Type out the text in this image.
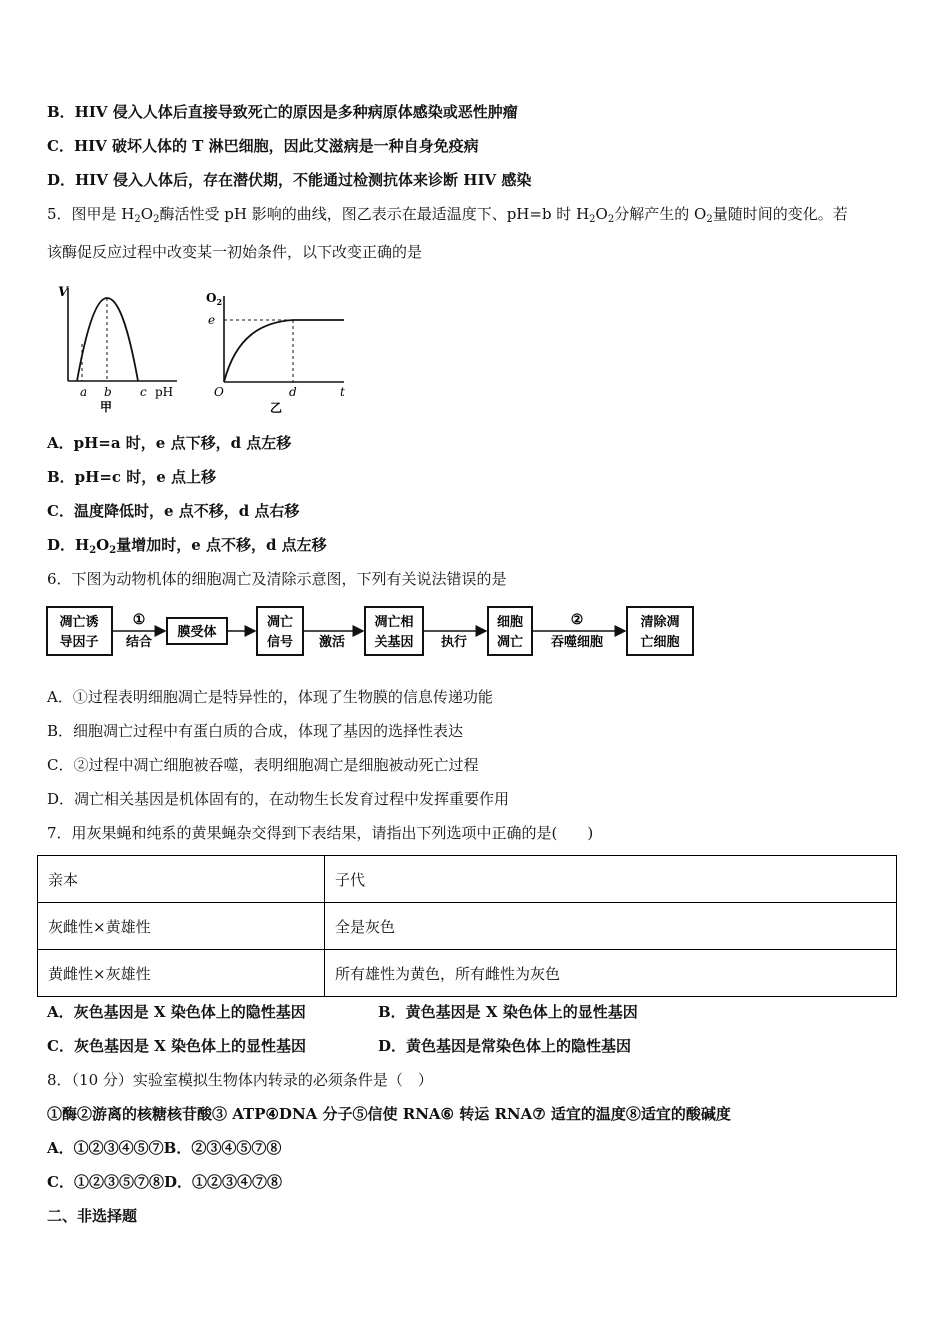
B．HIV 侵入人体后直接导致死亡的原因是多种病原体感染或恶性肿瘤
C．HIV 破坏人体的 T 淋巴细胞，因此艾滋病是一种自身免疫病
D．HIV 侵入人体后，存在潜伏期，不能通过检测抗体来诊断 HIV 感染
5．图甲是 $H_2O_2$酶活性受 pH 影响的曲线，图乙表示在最适温度下、pH=b 时 $H_2O_2$分解产生的 $O_2$量随时间的变化。若
该酶促反应过程中改变某一初始条件，以下改变正确的是
V
a b c pH
甲
$O_2$
e
O	d	t
乙
A．pH=a 时，e 点下移，d 点左移
B．pH=c 时，e 点上移
C．温度降低时，e 点不移，d 点右移
D．$H_2O_2$量增加时，e 点不移，d 点左移
6．下图为动物机体的细胞凋亡及清除示意图，下列有关说法错误的是
凋亡诱
导因子
①
结合
膜受体
凋亡
信号 激活
凋亡相
关基因 执行
细胞
凋亡
②
吞噬细胞
清除凋
亡细胞
A．①过程表明细胞凋亡是特异性的，体现了生物膜的信息传递功能
B．细胞凋亡过程中有蛋白质的合成，体现了基因的选择性表达
C．②过程中凋亡细胞被吞噬，表明细胞凋亡是细胞被动死亡过程
D．凋亡相关基因是机体固有的，在动物生长发育过程中发挥重要作用
7．用灰果蝇和纯系的黄果蝇杂交得到下表结果，请指出下列选项中正确的是(　　)
亲本	子代
灰雌性×黄雄性	全是灰色
黄雌性×灰雄性	所有雄性为黄色，所有雌性为灰色
A．灰色基因是 X 染色体上的隐性基因	B．黄色基因是 X 染色体上的显性基因
C．灰色基因是 X 染色体上的显性基因	D．黄色基因是常染色体上的隐性基因
8．（10 分）实验室模拟生物体内转录的必须条件是（　）
①酶②游离的核糖核苷酸③ ATP④DNA 分子⑤信使 RNA⑥ 转运 RNA⑦ 适宜的温度⑧适宜的酸碱度
A．①②③④⑤⑦B．②③④⑤⑦⑧
C．①②③⑤⑦⑧D．①②③④⑦⑧
二、非选择题
